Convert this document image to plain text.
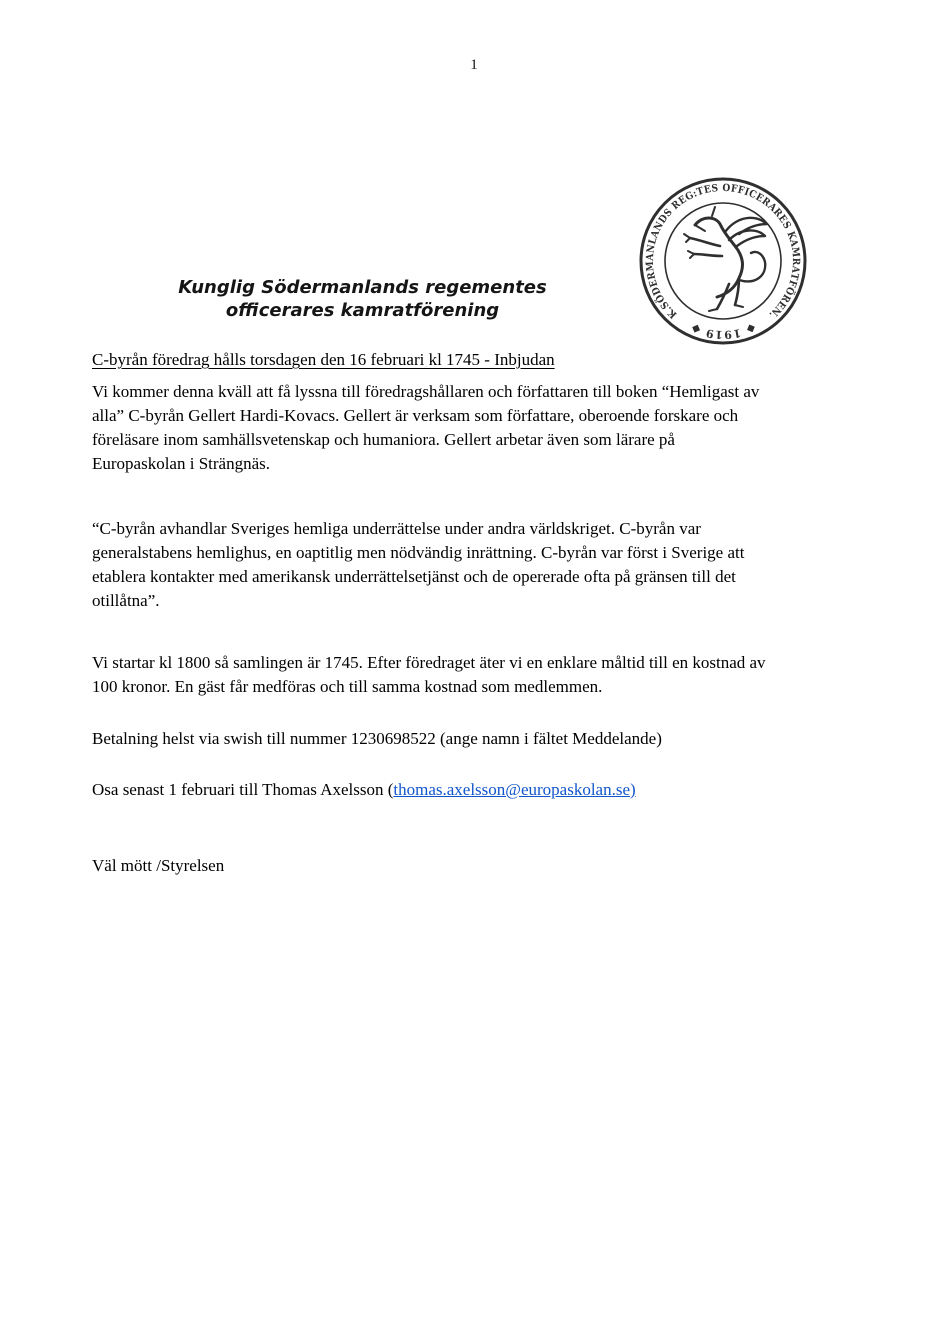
1
Kunglig Södermanlands regementes
officerares kamratförening	K.SÖDERMANLANDS REG:TES OFFICERARES KAMRATFÖREN.
◆ 1919 ◆
C-byrån föredrag hålls torsdagen den 16 februari kl 1745 - Inbjudan
Vi kommer denna kväll att få lyssna till föredragshållaren och författaren till boken “Hemligast av
alla” C-byrån Gellert Hardi-Kovacs. Gellert är verksam som författare, oberoende forskare och
föreläsare inom samhällsvetenskap och humaniora. Gellert arbetar även som lärare på
Europaskolan i Strängnäs.
“C-byrån avhandlar Sveriges hemliga underrättelse under andra världskriget. C-byrån var
generalstabens hemlighus, en oaptitlig men nödvändig inrättning. C-byrån var först i Sverige att
etablera kontakter med amerikansk underrättelsetjänst och de opererade ofta på gränsen till det
otillåtna”.
Vi startar kl 1800 så samlingen är 1745. Efter föredraget äter vi en enklare måltid till en kostnad av
100 kronor. En gäst får medföras och till samma kostnad som medlemmen.
Betalning helst via swish till nummer 1230698522 (ange namn i fältet Meddelande)
Osa senast 1 februari till Thomas Axelsson (thomas.axelsson@europaskolan.se)
Väl mött /Styrelsen
